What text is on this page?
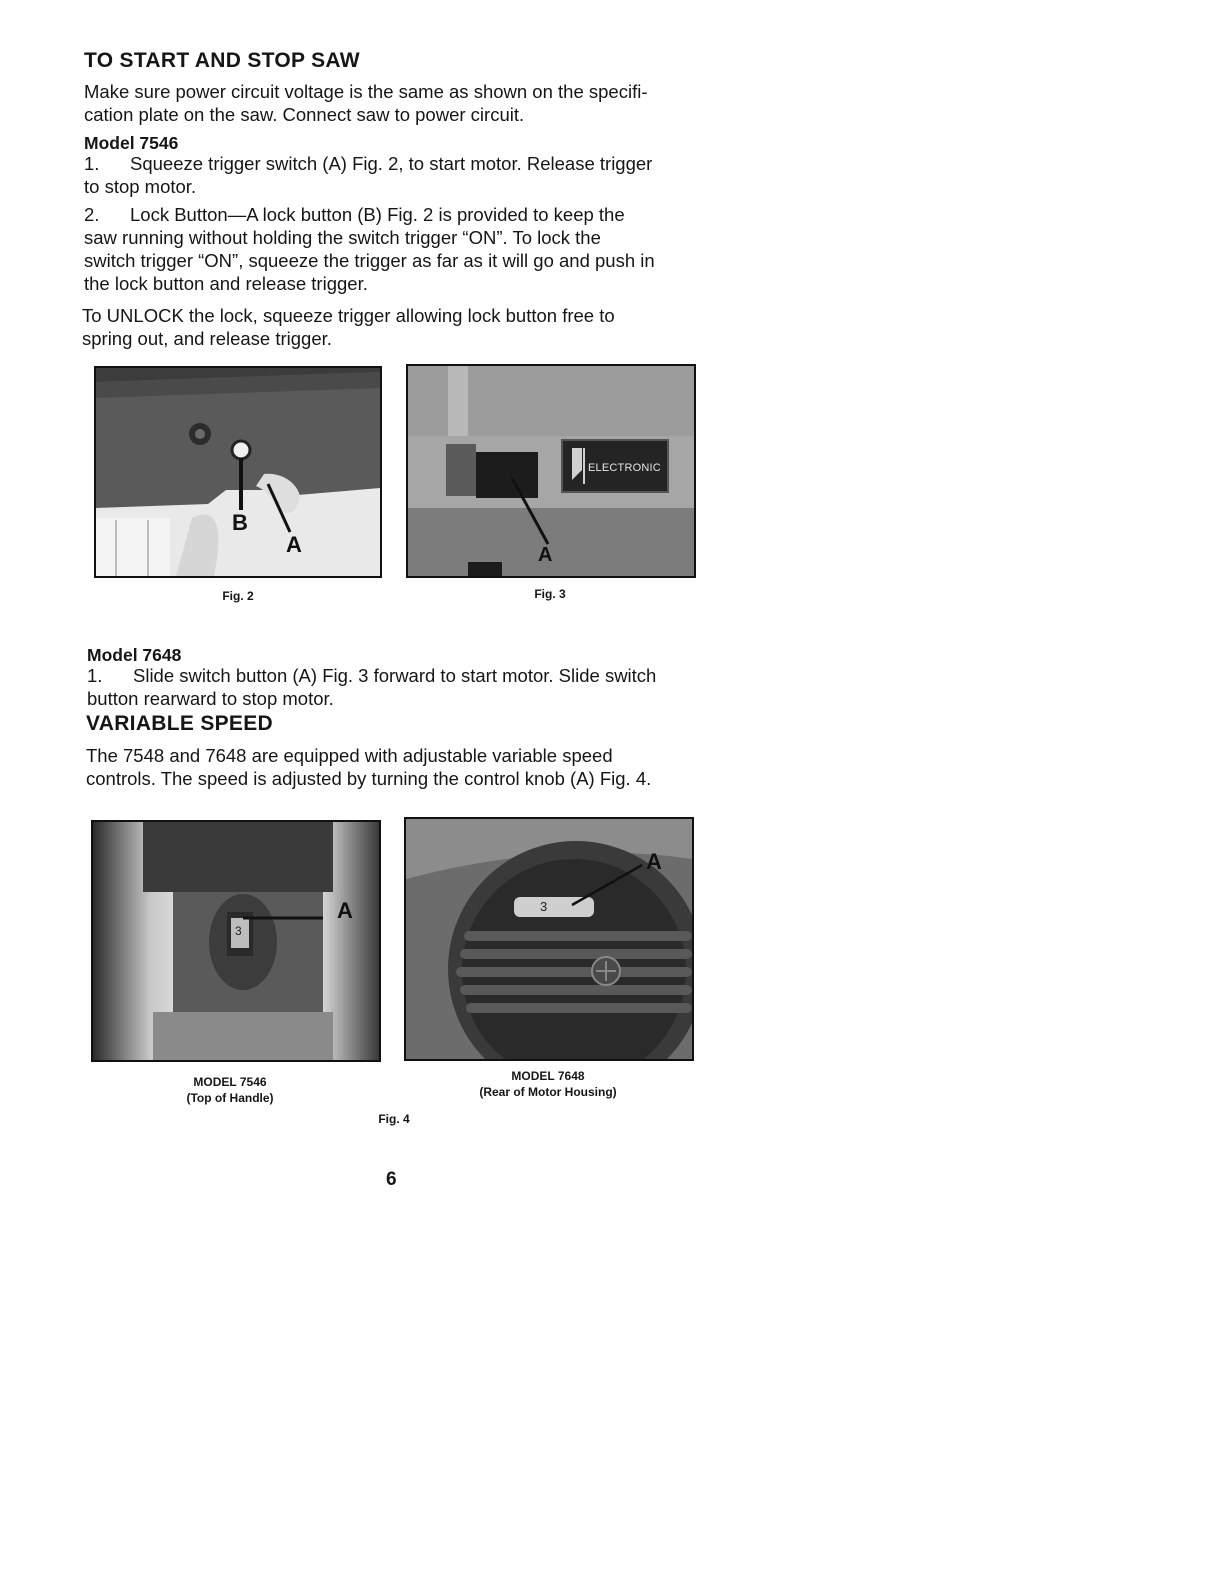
TO START AND STOP SAW

Make sure power circuit voltage is the same as shown on the specifi-
cation plate on the saw. Connect saw to power circuit.

Model 7546

1. Squeeze trigger switch (A) Fig. 2, to start motor. Release trigger
to stop motor.

2. Lock Button—A lock button (B) Fig. 2 is provided to keep the
saw running without holding the switch trigger “ON”. To lock the
switch trigger “ON”, squeeze the trigger as far as it will go and push in
the lock button and release trigger.

To UNLOCK the lock, squeeze trigger allowing lock button free to
spring out, and release trigger.

B
A

Fig. 2

ELECTRONIC
A

Fig. 3

Model 7648

1. Slide switch button (A) Fig. 3 forward to start motor. Slide switch
button rearward to stop motor.

VARIABLE SPEED

The 7548 and 7648 are equipped with adjustable variable speed
controls. The speed is adjusted by turning the control knob (A) Fig. 4.

3
A

MODEL 7546
(Top of Handle)

3
A

MODEL 7648
(Rear of Motor Housing)

Fig. 4

6
